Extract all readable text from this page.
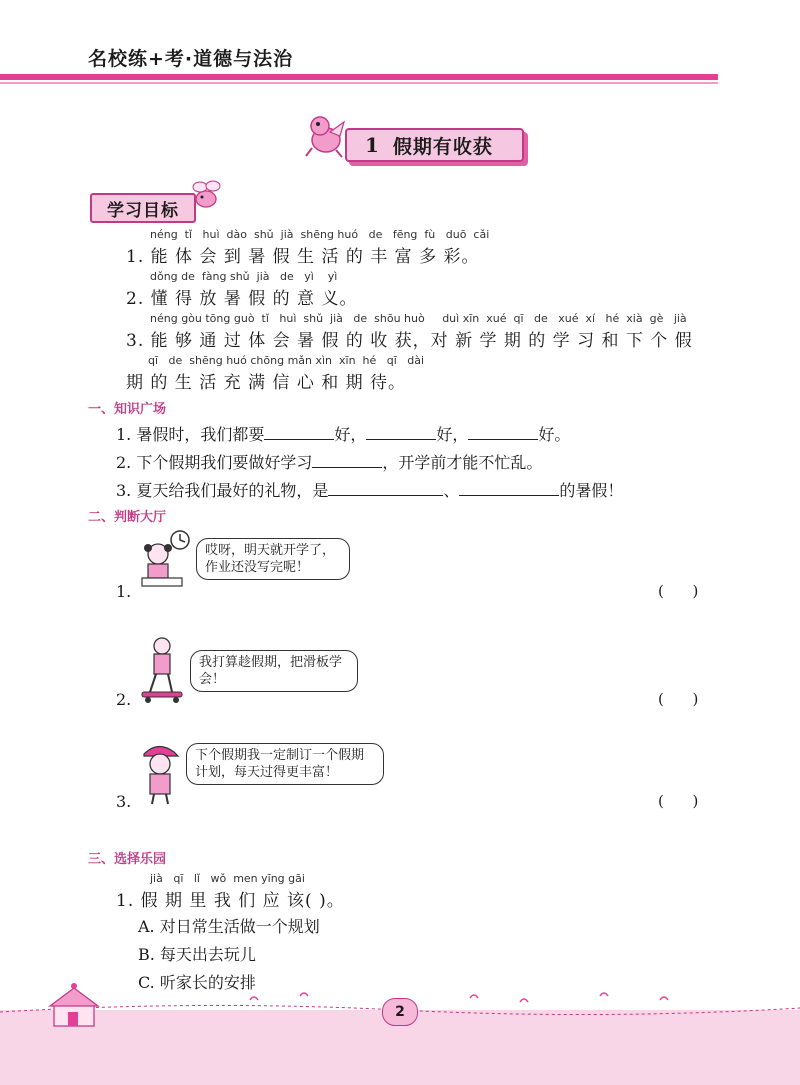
名校练+考·道德与法治
1 假期有收获
学习目标
néng  tǐ   huì  dào  shǔ  jià  shēng huó   de   fēng  fù   duō  cǎi
1. 能 体 会 到 暑 假 生 活 的 丰 富 多 彩。
dǒng de  fàng shǔ  jià   de   yì    yì
2. 懂 得 放 暑 假 的 意 义。
néng gòu tōng guò  tǐ   huì  shǔ  jià   de  shōu huò     duì xīn  xué  qī   de   xué  xí   hé  xià  gè   jià
3. 能 够 通 过 体 会 暑 假 的 收 获，对 新 学 期 的 学 习 和 下 个 假
qī   de  shēng huó chōng mǎn xìn  xīn  hé   qī   dài
期 的 生 活 充 满 信 心 和 期 待。
一、知识广场
1. 暑假时，我们都要	好，	好，	好。
2. 下个假期我们要做好学习	，开学前才能不忙乱。
3. 夏天给我们最好的礼物，是	、	的暑假！
二、判断大厅
哎呀，明天就开学了，作业还没写完呢！
1.	(      )
我打算趁假期，把滑板学会！
2.	(      )
下个假期我一定制订一个假期计划，每天过得更丰富！
3.	(      )
三、选择乐园
jià   qī   lǐ   wǒ  men yīng gāi
1. 假 期 里 我 们 应 该( )。
A. 对日常生活做一个规划
B. 每天出去玩儿
C. 听家长的安排
2
